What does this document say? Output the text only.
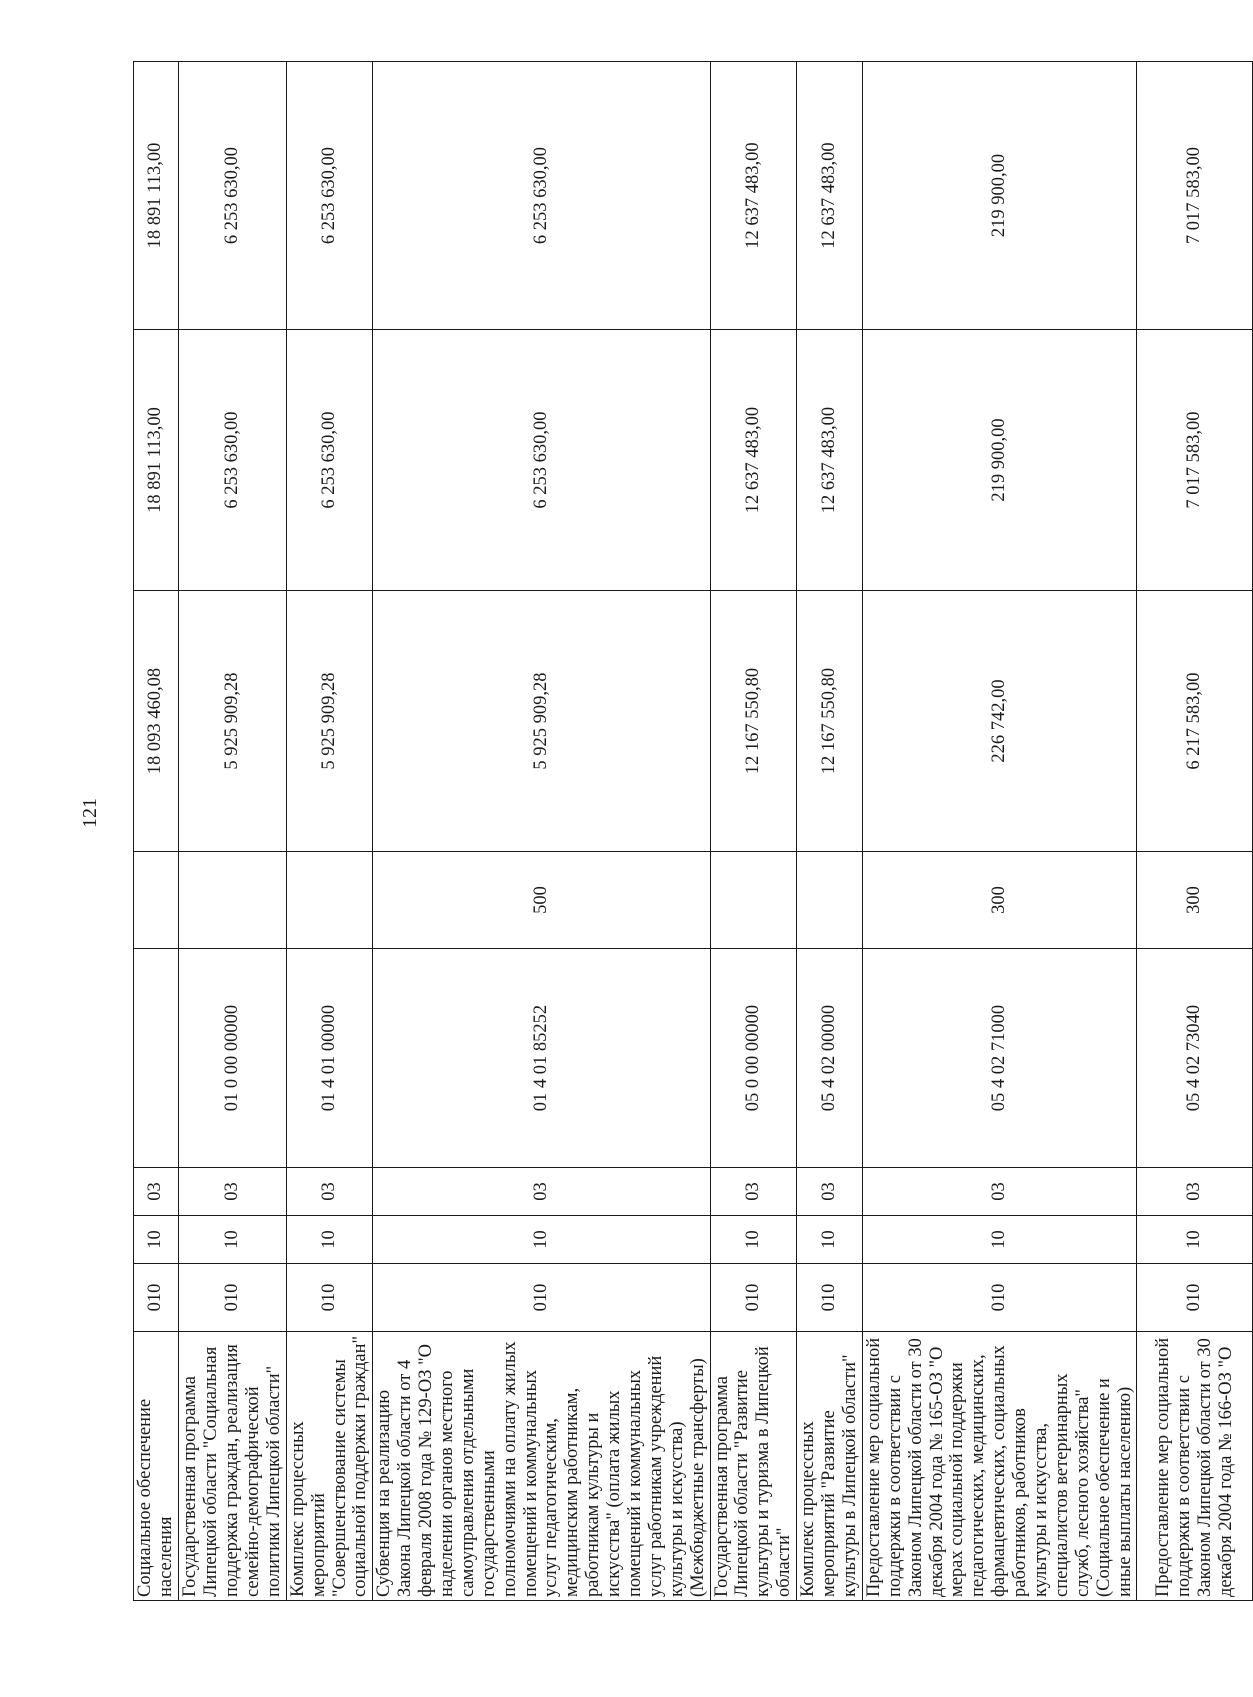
121
Социальное обеспечение населения	010	10	03			18 093 460,08	18 891 113,00	18 891 113,00
Государственная программа Липецкой области "Социальная поддержка граждан, реализация семейно-демографической политики Липецкой области"	010	10	03	01 0 00 00000		5 925 909,28	6 253 630,00	6 253 630,00
Комплекс процессных мероприятий "Совершенствование системы социальной поддержки граждан"	010	10	03	01 4 01 00000		5 925 909,28	6 253 630,00	6 253 630,00
Субвенция на реализацию Закона Липецкой области от 4 февраля 2008 года № 129-ОЗ "О наделении органов местного самоуправления отдельными государственными полномочиями на оплату жилых помещений и коммунальных услуг педагогическим, медицинским работникам, работникам культуры и искусства" (оплата жилых помещений и коммунальных услуг работникам учреждений культуры и искусства) (Межбюджетные трансферты)	010	10	03	01 4 01 85252	500	5 925 909,28	6 253 630,00	6 253 630,00
Государственная программа Липецкой области "Развитие культуры и туризма в Липецкой области"	010	10	03	05 0 00 00000		12 167 550,80	12 637 483,00	12 637 483,00
Комплекс процессных мероприятий "Развитие культуры в Липецкой области"	010	10	03	05 4 02 00000		12 167 550,80	12 637 483,00	12 637 483,00
Предоставление мер социальной поддержки в соответствии с Законом Липецкой области от 30 декабря 2004 года № 165-ОЗ "О мерах социальной поддержки педагогических, медицинских, фармацевтических, социальных работников, работников культуры и искусства, специалистов ветеринарных служб, лесного хозяйства" (Социальное обеспечение и иные выплаты населению)	010	10	03	05 4 02 71000	300	226 742,00	219 900,00	219 900,00
Предоставление мер социальной поддержки в соответствии с Законом Липецкой области от 30 декабря 2004 года № 166-ОЗ "О	010	10	03	05 4 02 73040	300	6 217 583,00	7 017 583,00	7 017 583,00
